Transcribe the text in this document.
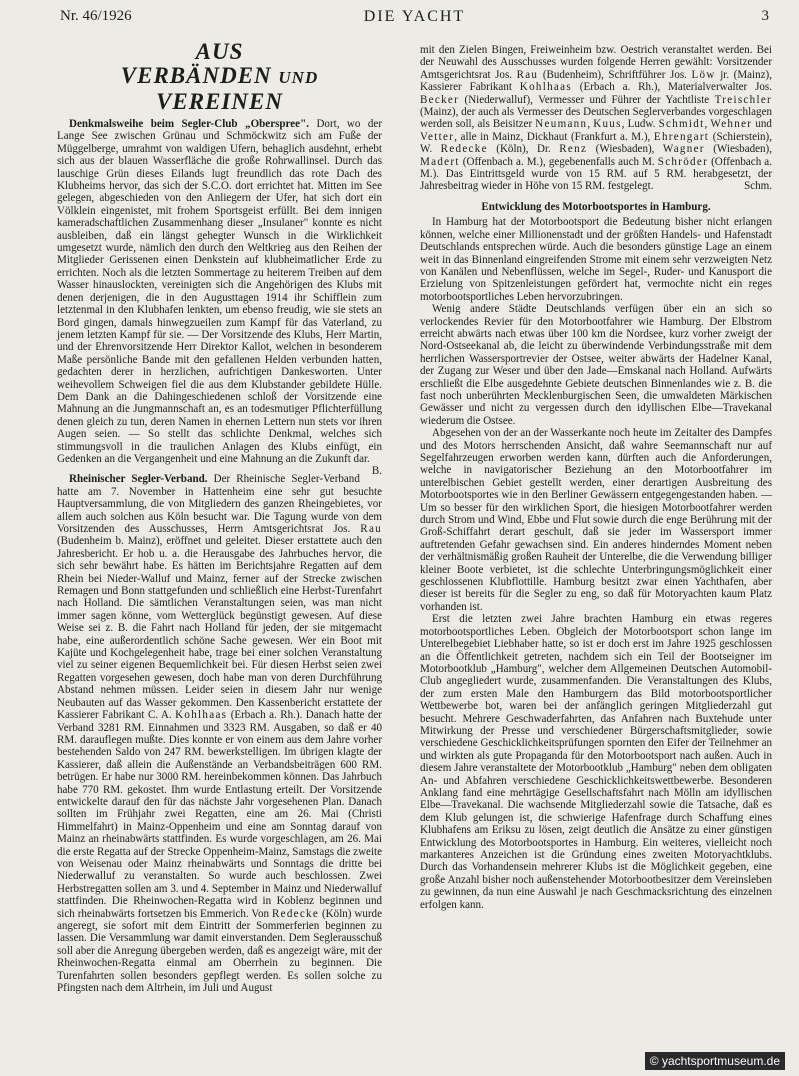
Nr. 46/1926	DIE YACHT	3
AUS
VERBÄNDEN UND VEREINEN

Denkmalsweihe beim Segler-Club „Oberspree". Dort, wo der Lange See zwischen Grünau und Schmöckwitz sich am Fuße der Müggelberge, umrahmt von waldigen Ufern, behaglich ausdehnt, erhebt sich aus der blauen Wasserfläche die große Rohrwallinsel. Durch das lauschige Grün dieses Eilands lugt freundlich das rote Dach des Klubheims hervor, das sich der S.C.O. dort errichtet hat. Mitten im See gelegen, abgeschieden von den Anliegern der Ufer, hat sich dort ein Völklein eingenistet, mit frohem Sportsgeist erfüllt. Bei dem innigen kameradschaftlichen Zusammenhang dieser „Insulaner" konnte es nicht ausbleiben, daß ein längst gehegter Wunsch in die Wirklichkeit umgesetzt wurde, nämlich den durch den Weltkrieg aus den Reihen der Mitglieder Gerissenen einen Denkstein auf klubheimatlicher Erde zu errichten. Noch als die letzten Sommertage zu heiterem Treiben auf dem Wasser hinauslockten, vereinigten sich die Angehörigen des Klubs mit denen derjenigen, die in den Augusttagen 1914 ihr Schifflein zum letztenmal in den Klubhafen lenkten, um ebenso freudig, wie sie stets an Bord gingen, damals hinwegzueilen zum Kampf für das Vaterland, zu jenem letzten Kampf für sie. — Der Vorsitzende des Klubs, Herr Martin, und der Ehrenvorsitzende Herr Direktor Kallot, welchen in besonderem Maße persönliche Bande mit den gefallenen Helden verbunden hatten, gedachten derer in herzlichen, aufrichtigen Dankesworten. Unter weihevollem Schweigen fiel die aus dem Klubstander gebildete Hülle. Dem Dank an die Dahingeschiedenen schloß der Vorsitzende eine Mahnung an die Jungmannschaft an, es an todesmutiger Pflichterfüllung denen gleich zu tun, deren Namen in ehernen Lettern nun stets vor ihren Augen seien. — So stellt das schlichte Denkmal, welches sich stimmungsvoll in die traulichen Anlagen des Klubs einfügt, ein Gedenken an die Vergangenheit und eine Mahnung an die Zukunft dar.
B.

Rheinischer Segler-Verband. Der Rheinische Segler-Verband hatte am 7. November in Hattenheim eine sehr gut besuchte Hauptversammlung, die von Mitgliedern des ganzen Rheingebietes, vor allem auch solchen aus Köln besucht war. Die Tagung wurde von dem Vorsitzenden des Ausschusses, Herrn Amtsgerichtsrat Jos. Rau (Budenheim b. Mainz), eröffnet und geleitet. Dieser erstattete auch den Jahresbericht. Er hob u. a. die Herausgabe des Jahrbuches hervor, die sich sehr bewährt habe. Es hätten im Berichtsjahre Regatten auf dem Rhein bei Nieder-Walluf und Mainz, ferner auf der Strecke zwischen Remagen und Bonn stattgefunden und schließlich eine Herbst-Turenfahrt nach Holland. Die sämtlichen Veranstaltungen seien, was man nicht immer sagen könne, vom Wetterglück begünstigt gewesen. Auf diese Weise sei z. B. die Fahrt nach Holland für jeden, der sie mitgemacht habe, eine außerordentlich schöne Sache gewesen. Wer ein Boot mit Kajüte und Kochgelegenheit habe, trage bei einer solchen Veranstaltung viel zu seiner eigenen Bequemlichkeit bei. Für diesen Herbst seien zwei Regatten vorgesehen gewesen, doch habe man von deren Durchführung Abstand nehmen müssen. Leider seien in diesem Jahr nur wenige Neubauten auf das Wasser gekommen. Den Kassenbericht erstattete der Kassierer Fabrikant C. A. Kohlhaas (Erbach a. Rh.). Danach hatte der Verband 3281 RM. Einnahmen und 3323 RM. Ausgaben, so daß er 40 RM. darauflegen mußte. Dies konnte er von einem aus dem Jahre vorher bestehenden Saldo von 247 RM. bewerkstelligen. Im übrigen klagte der Kassierer, daß allein die Außenstände an Verbandsbeiträgen 600 RM. betrügen. Er habe nur 3000 RM. hereinbekommen können. Das Jahrbuch habe 770 RM. gekostet. Ihm wurde Entlastung erteilt. Der Vorsitzende entwickelte darauf den für das nächste Jahr vorgesehenen Plan. Danach sollten im Frühjahr zwei Regatten, eine am 26. Mai (Christi Himmelfahrt) in Mainz-Oppenheim und eine am Sonntag darauf von Mainz an rheinabwärts stattfinden. Es wurde vorgeschlagen, am 26. Mai die erste Regatta auf der Strecke Oppenheim-Mainz, Samstags die zweite von Weisenau oder Mainz rheinabwärts und Sonntags die dritte bei Niederwalluf zu veranstalten. So wurde auch beschlossen. Zwei Herbstregatten sollen am 3. und 4. September in Mainz und Niederwalluf stattfinden. Die Rheinwochen-Regatta wird in Koblenz beginnen und sich rheinabwärts fortsetzen bis Emmerich. Von Redecke (Köln) wurde angeregt, sie sofort mit dem Eintritt der Sommerferien beginnen zu lassen. Die Versammlung war damit einverstanden. Dem Seglerausschuß soll aber die Anregung übergeben werden, daß es angezeigt wäre, mit der Rheinwochen-Regatta einmal am Oberrhein zu beginnen. Die Turenfahrten sollen besonders gepflegt werden. Es sollen solche zu Pfingsten nach dem Altrhein, im Juli und August

mit den Zielen Bingen, Freiweinheim bzw. Oestrich veranstaltet werden. Bei der Neuwahl des Ausschusses wurden folgende Herren gewählt: Vorsitzender Amtsgerichtsrat Jos. Rau (Budenheim), Schriftführer Jos. Löw jr. (Mainz), Kassierer Fabrikant Kohlhaas (Erbach a. Rh.), Materialverwalter Jos. Becker (Niederwalluf), Vermesser und Führer der Yachtliste Treischler (Mainz), der auch als Vermesser des Deutschen Seglerverbandes vorgeschlagen werden soll, als Beisitzer Neumann, Kuus, Ludw. Schmidt, Wehner und Vetter, alle in Mainz, Dickhaut (Frankfurt a. M.), Ehrengart (Schierstein), W. Redecke (Köln), Dr. Renz (Wiesbaden), Wagner (Wiesbaden), Madert (Offenbach a. M.), gegebenenfalls auch M. Schröder (Offenbach a. M.). Das Eintrittsgeld wurde von 15 RM. auf 5 RM. herabgesetzt, der Jahresbeitrag wieder in Höhe von 15 RM. festgelegt.	Schm.

Entwicklung des Motorbootsportes in Hamburg.

In Hamburg hat der Motorbootsport die Bedeutung bisher nicht erlangen können, welche einer Millionenstadt und der größten Handels- und Hafenstadt Deutschlands entsprechen würde. Auch die besonders günstige Lage an einem weit in das Binnenland eingreifenden Strome mit einem sehr verzweigten Netz von Kanälen und Nebenflüssen, welche im Segel-, Ruder- und Kanusport die Erzielung von Spitzenleistungen gefördert hat, vermochte nicht ein reges motorbootsportliches Leben hervorzubringen.

Wenig andere Städte Deutschlands verfügen über ein an sich so verlockendes Revier für den Motorbootfahrer wie Hamburg. Der Elbstrom erreicht abwärts nach etwas über 100 km die Nordsee, kurz vorher zweigt der Nord-Ostseekanal ab, die leicht zu überwindende Verbindungsstraße mit dem herrlichen Wassersportrevier der Ostsee, weiter abwärts der Hadelner Kanal, der Zugang zur Weser und über den Jade—Emskanal nach Holland. Aufwärts erschließt die Elbe ausgedehnte Gebiete deutschen Binnenlandes wie z. B. die fast noch unberührten Mecklenburgischen Seen, die umwaldeten Märkischen Gewässer und nicht zu vergessen durch den idyllischen Elbe—Travekanal wiederum die Ostsee.

Abgesehen von der an der Wasserkante noch heute im Zeitalter des Dampfes und des Motors herrschenden Ansicht, daß wahre Seemannschaft nur auf Segelfahrzeugen erworben werden kann, dürften auch die Anforderungen, welche in navigatorischer Beziehung an den Motorbootfahrer im unterelbischen Gebiet gestellt werden, einer derartigen Ausbreitung des Motorbootsportes wie in den Berliner Gewässern entgegengestanden haben. — Um so besser für den wirklichen Sport, die hiesigen Motorbootfahrer werden durch Strom und Wind, Ebbe und Flut sowie durch die enge Berührung mit der Groß-Schiffahrt derart geschult, daß sie jeder im Wassersport immer auftretenden Gefahr gewachsen sind. Ein anderes hinderndes Moment neben der verhältnismäßig großen Rauheit der Unterelbe, die die Verwendung billiger kleiner Boote verbietet, ist die schlechte Unterbringungsmöglichkeit einer geschlossenen Klubflottille. Hamburg besitzt zwar einen Yachthafen, aber dieser ist bereits für die Segler zu eng, so daß für Motoryachten kaum Platz vorhanden ist.

Erst die letzten zwei Jahre brachten Hamburg ein etwas regeres motorbootsportliches Leben. Obgleich der Motorbootsport schon lange im Unterelbegebiet Liebhaber hatte, so ist er doch erst im Jahre 1925 geschlossen an die Öffentlichkeit getreten, nachdem sich ein Teil der Bootseigner im Motorbootklub „Hamburg", welcher dem Allgemeinen Deutschen Automobil-Club angegliedert wurde, zusammenfanden. Die Veranstaltungen des Klubs, der zum ersten Male den Hamburgern das Bild motorbootsportlicher Wettbewerbe bot, waren bei der anfänglich geringen Mitgliederzahl gut besucht. Mehrere Geschwaderfahrten, das Anfahren nach Buxtehude unter Mitwirkung der Presse und verschiedener Bürgerschaftsmitglieder, sowie verschiedene Geschicklichkeitsprüfungen spornten den Eifer der Teilnehmer an und wirkten als gute Propaganda für den Motorbootsport nach außen. Auch in diesem Jahre veranstaltete der Motorbootklub „Hamburg" neben dem obligaten An- und Abfahren verschiedene Geschicklichkeitswettbewerbe. Besonderen Anklang fand eine mehrtägige Gesellschaftsfahrt nach Mölln am idyllischen Elbe—Travekanal. Die wachsende Mitgliederzahl sowie die Tatsache, daß es dem Klub gelungen ist, die schwierige Hafenfrage durch Schaffung eines Klubhafens am Eriksu zu lösen, zeigt deutlich die Ansätze zu einer günstigen Entwicklung des Motorbootsportes in Hamburg. Ein weiteres, vielleicht noch markanteres Anzeichen ist die Gründung eines zweiten Motoryachtklubs. Durch das Vorhandensein mehrerer Klubs ist die Möglichkeit gegeben, eine große Anzahl bisher noch außenstehender Motorbootbesitzer dem Vereinsleben zu gewinnen, da nun eine Auswahl je nach Geschmacksrichtung des einzelnen erfolgen kann.

© yachtsportmuseum.de
